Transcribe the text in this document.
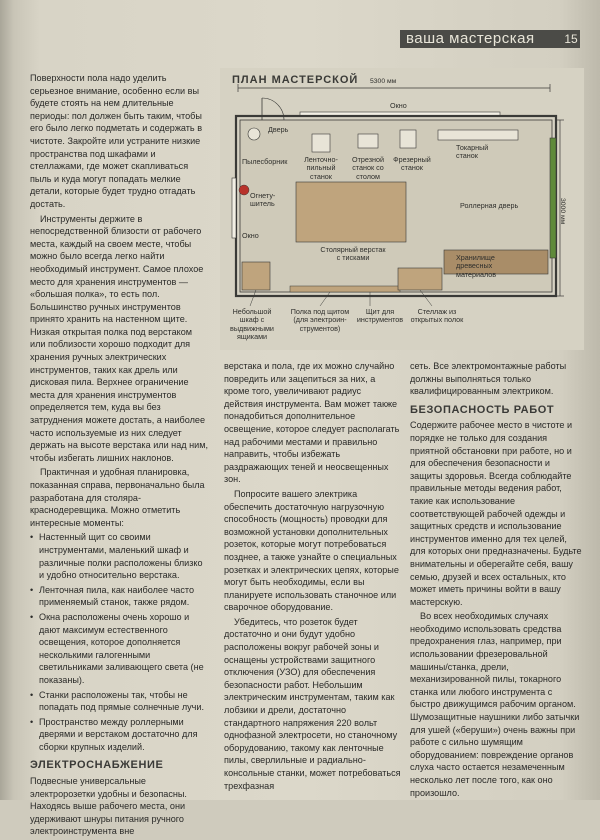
ваша мастерская	15

Поверхности пола надо уделить серьезное внимание, особенно если вы будете стоять на нем длительные периоды: пол должен быть таким, чтобы его было легко подметать и содержать в чистоте. Закройте или устраните низкие пространства под шкафами и стеллажами, где может скапливаться пыль и куда могут попадать мелкие детали, которые будет трудно отгадать достать.

Инструменты держите в непосредственной близости от рабочего места, каждый на своем месте, чтобы можно было всегда легко найти необходимый инструмент. Самое плохое место для хранения инструментов — «большая полка», то есть пол. Большинство ручных инструментов принято хранить на настенном щите. Низкая открытая полка под верстаком или поблизости хорошо подходит для хранения ручных электрических инструментов, таких как дрель или дисковая пила. Верхнее ограничение места для хранения инструментов определяется тем, куда вы без затруднения можете достать, а наиболее часто используемые из них следует держать на высоте верстака или над ним, чтобы избегать лишних наклонов.

Практичная и удобная планировка, показанная справа, первоначально была разработана для столяра-краснодеревщика. Можно отметить интересные моменты:

• Настенный щит со своими инструментами, маленький шкаф и различные полки расположены близко и удобно относительно верстака.
• Ленточная пила, как наиболее часто применяемый станок, также рядом.
• Окна расположены очень хорошо и дают максимум естественного освещения, которое дополняется несколькими галогенными светильниками заливающего света (не показаны).
• Станки расположены так, чтобы не попадать под прямые солнечные лучи.
• Пространство между роллерными дверями и верстаком достаточно для сборки крупных изделий.
ЭЛЕКТРОСНАБЖЕНИЕ

Подвесные универсальные электророзетки удобны и безопасны. Находясь выше рабочего места, они удерживают шнуры питания ручного электроинструмента вне

ПЛАН МАСТЕРСКОЙ 5300 мм
3000 мм
Окно
Дверь
Пылесборник Ленточно-
пильный
станок
Отрезной
станок со
столом
Фрезерный
станок
Токарный
станок
Огнету-
шитель
Окно
Роллерная дверь
Столярный верстак
с тисками	Хранилище
древесных
материалов
Небольшой
шкаф с
выдвижными
ящиками
Полка под щитом
(для электроин-
струментов)
Щит для
инструментов
Стеллаж из
открытых полок

верстака и пола, где их можно случайно повредить или зацепиться за них, а кроме того, увеличивают радиус действия инструмента. Вам может также понадобиться дополнительное освещение, которое следует располагать над рабочими местами и правильно направить, чтобы избежать раздражающих теней и неосвещенных зон.

Попросите вашего электрика обеспечить достаточную нагрузочную способность (мощность) проводки для возможной установки дополнительных розеток, которые могут потребоваться позднее, а также узнайте о специальных розетках и электрических цепях, которые могут быть необходимы, если вы планируете использовать станочное или сварочное оборудование.

Убедитесь, что розеток будет достаточно и они будут удобно расположены вокруг рабочей зоны и оснащены устройствами защитного отключения (УЗО) для обеспечения безопасности работ. Небольшим электрическим инструментам, таким как лобзики и дрели, достаточно стандартного напряжения 220 вольт однофазной электросети, но станочному оборудованию, такому как ленточные пилы, сверлильные и радиально-консольные станки, может потребоваться трехфазная

сеть. Все электромонтажные работы должны выполняться только квалифицированным электриком.

БЕЗОПАСНОСТЬ РАБОТ

Содержите рабочее место в чистоте и порядке не только для создания приятной обстановки при работе, но и для обеспечения безопасности и защиты здоровья. Всегда соблюдайте правильные методы ведения работ, такие как использование соответствующей рабочей одежды и защитных средств и использование инструментов именно для тех целей, для которых они предназначены. Будьте внимательны и оберегайте себя, вашу семью, друзей и всех остальных, кто может иметь причины войти в вашу мастерскую.

Во всех необходимых случаях необходимо использовать средства предохранения глаз, например, при использовании фрезеровальной машины/станка, дрели, механизированной пилы, токарного станка или любого инструмента с быстро движущимся рабочим органом. Шумозащитные наушники либо затычки для ушей («беруши») очень важны при работе с сильно шумящим оборудованием: повреждение органов слуха часто остается незамеченным несколько лет после того, как оно произошло.
